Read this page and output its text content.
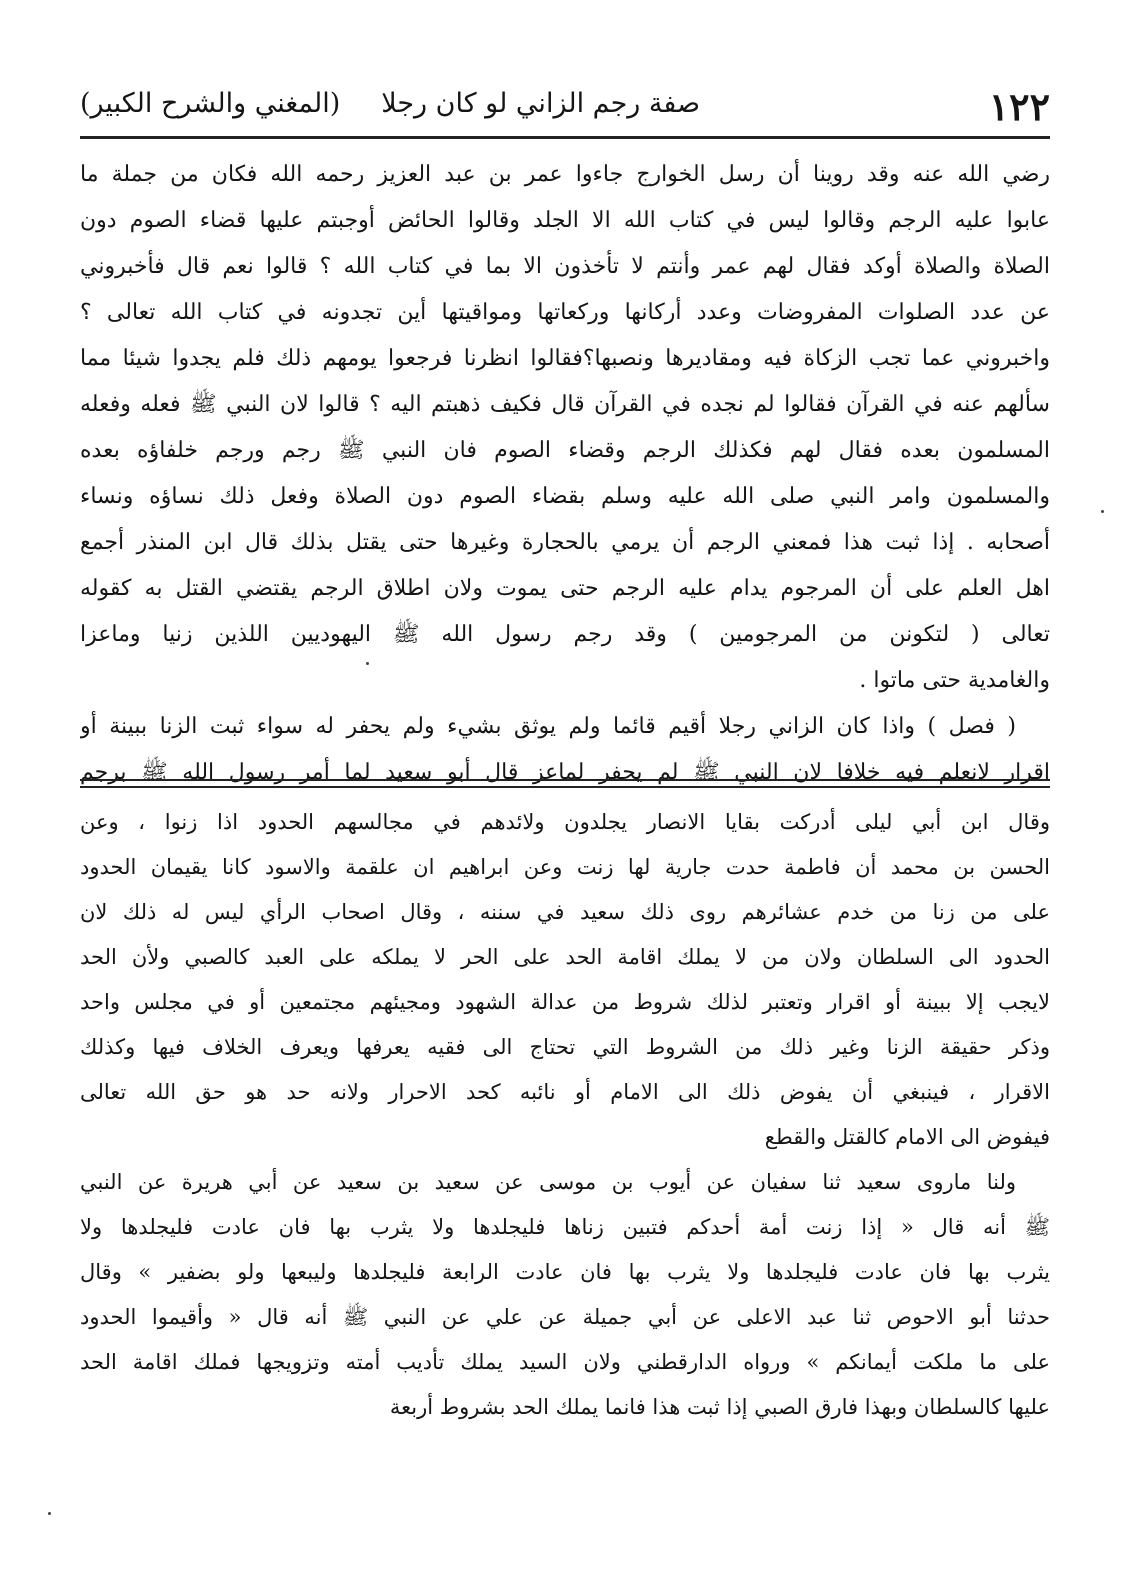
١٢٢
صفة رجم الزاني لو كان رجلا
(المغني والشرح الكبير)
رضي الله عنه وقد روينا أن رسل الخوارج جاءوا عمر بن عبد العزيز رحمه الله فكان من جملة ما
عابوا عليه الرجم وقالوا ليس في كتاب الله الا الجلد وقالوا الحائض أوجبتم عليها قضاء الصوم دون
الصلاة والصلاة أوكد فقال لهم عمر وأنتم لا تأخذون الا بما في كتاب الله ؟ قالوا نعم قال فأخبروني
عن عدد الصلوات المفروضات وعدد أركانها وركعاتها ومواقيتها أين تجدونه في كتاب الله تعالى ؟
واخبروني عما تجب الزكاة فيه ومقاديرها ونصبها؟فقالوا انظرنا فرجعوا يومهم ذلك فلم يجدوا شيئا مما
سألهم عنه في القرآن فقالوا لم نجده في القرآن قال فكيف ذهبتم اليه ؟ قالوا لان النبي ﷺ فعله وفعله
المسلمون بعده فقال لهم فكذلك الرجم وقضاء الصوم فان النبي ﷺ رجم ورجم خلفاؤه بعده
والمسلمون وامر النبي صلى الله عليه وسلم بقضاء الصوم دون الصلاة وفعل ذلك نساؤه ونساء
أصحابه . إذا ثبت هذا فمعني الرجم أن يرمي بالحجارة وغيرها حتى يقتل بذلك قال ابن المنذر أجمع
اهل العلم على أن المرجوم يدام عليه الرجم حتى يموت ولان اطلاق الرجم يقتضي القتل به كقوله
تعالى ( لتكونن من المرجومين ) وقد رجم رسول الله ﷺ اليهوديين اللذين زنيا وماعزا
والغامدية حتى ماتوا .
( فصل ) واذا كان الزاني رجلا أقيم قائما ولم يوثق بشيء ولم يحفر له سواء ثبت الزنا ببينة أو
اقرار لانعلم فيه خلافا لان النبي ﷺ لم يحفر لماعز قال أبو سعيد لما أمر رسول الله ﷺ برجم
وقال ابن أبي ليلى أدركت بقايا الانصار يجلدون ولائدهم في مجالسهم الحدود اذا زنوا ، وعن
الحسن بن محمد أن فاطمة حدت جارية لها زنت وعن ابراهيم ان علقمة والاسود كانا يقيمان الحدود
على من زنا من خدم عشائرهم روى ذلك سعيد في سننه ، وقال اصحاب الرأي ليس له ذلك لان
الحدود الى السلطان ولان من لا يملك اقامة الحد على الحر لا يملكه على العبد كالصبي ولأن الحد
لايجب إلا ببينة أو اقرار وتعتبر لذلك شروط من عدالة الشهود ومجيئهم مجتمعين أو في مجلس واحد
وذكر حقيقة الزنا وغير ذلك من الشروط التي تحتاج الى فقيه يعرفها ويعرف الخلاف فيها وكذلك
الاقرار ، فينبغي أن يفوض ذلك الى الامام أو نائبه كحد الاحرار ولانه حد هو حق الله تعالى
فيفوض الى الامام كالقتل والقطع
ولنا ماروى سعيد ثنا سفيان عن أيوب بن موسى عن سعيد بن سعيد عن أبي هريرة عن النبي
ﷺ أنه قال « إذا زنت أمة أحدكم فتبين زناها فليجلدها ولا يثرب بها فان عادت فليجلدها ولا
يثرب بها فان عادت فليجلدها ولا يثرب بها فان عادت الرابعة فليجلدها وليبعها ولو بضفير » وقال
حدثنا أبو الاحوص ثنا عبد الاعلى عن أبي جميلة عن علي عن النبي ﷺ أنه قال « وأقيموا الحدود
على ما ملكت أيمانكم » ورواه الدارقطني ولان السيد يملك تأديب أمته وتزويجها فملك اقامة الحد
عليها كالسلطان وبهذا فارق الصبي إذا ثبت هذا فانما يملك الحد بشروط أربعة
